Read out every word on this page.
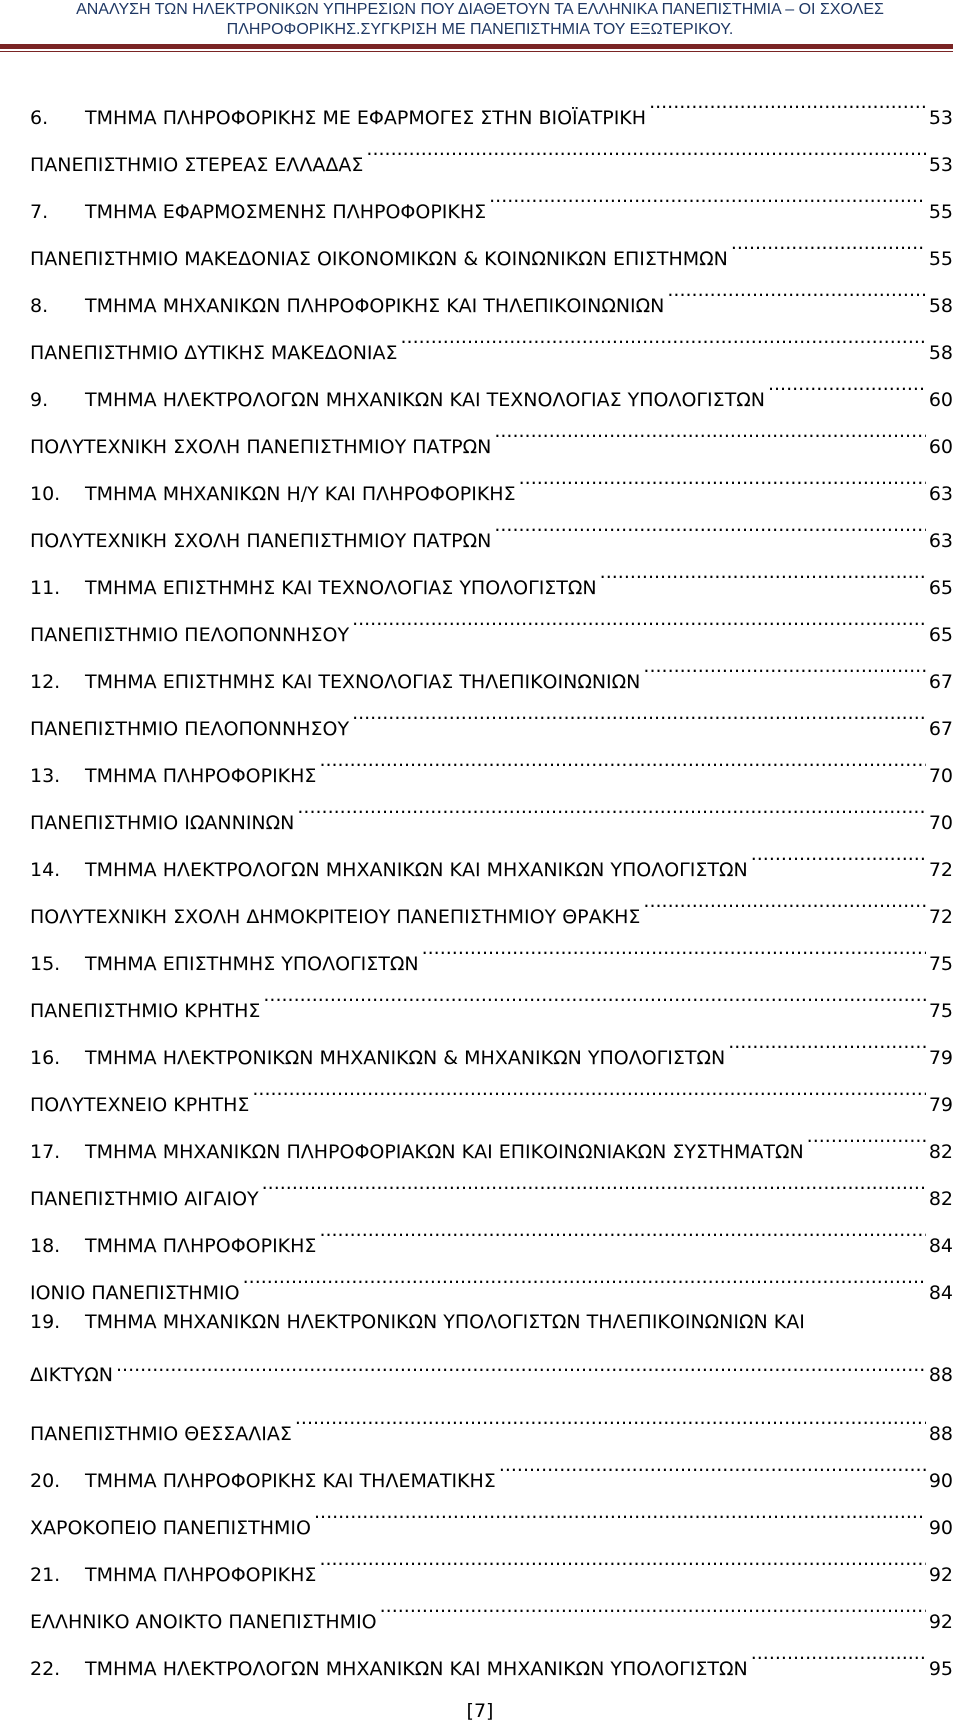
ΑΝΑΛΥΣΗ ΤΩΝ ΗΛΕΚΤΡΟΝΙΚΩΝ ΥΠΗΡΕΣΙΩΝ ΠΟΥ ΔΙΑΘΕΤΟΥΝ ΤΑ ΕΛΛΗΝΙΚΑ ΠΑΝΕΠΙΣΤΗΜΙΑ – ΟΙ ΣΧΟΛΕΣ
ΠΛΗΡΟΦΟΡΙΚΗΣ.ΣΥΓΚΡΙΣΗ ΜΕ ΠΑΝΕΠΙΣΤΗΜΙΑ ΤΟΥ ΕΞΩΤΕΡΙΚΟΥ.
6.	ΤΜΗΜΑ ΠΛΗΡΟΦΟΡΙΚΗΣ ΜΕ ΕΦΑΡΜΟΓΕΣ ΣΤΗΝ ΒΙΟΪΑΤΡΙΚΗ .....	53
ΠΑΝΕΠΙΣΤΗΜΙΟ ΣΤΕΡΕΑΣ ΕΛΛΑΔΑΣ .....	53
7.	ΤΜΗΜΑ ΕΦΑΡΜΟΣΜΕΝΗΣ ΠΛΗΡΟΦΟΡΙΚΗΣ .....	55
ΠΑΝΕΠΙΣΤΗΜΙΟ ΜΑΚΕΔΟΝΙΑΣ ΟΙΚΟΝΟΜΙΚΩΝ & ΚΟΙΝΩΝΙΚΩΝ ΕΠΙΣΤΗΜΩΝ .....	55
8.	ΤΜΗΜΑ ΜΗΧΑΝΙΚΩΝ ΠΛΗΡΟΦΟΡΙΚΗΣ ΚΑΙ ΤΗΛΕΠΙΚΟΙΝΩΝΙΩΝ .....	58
ΠΑΝΕΠΙΣΤΗΜΙΟ ΔΥΤΙΚΗΣ ΜΑΚΕΔΟΝΙΑΣ .....	58
9.	ΤΜΗΜΑ ΗΛΕΚΤΡΟΛΟΓΩΝ ΜΗΧΑΝΙΚΩΝ ΚΑΙ ΤΕΧΝΟΛΟΓΙΑΣ ΥΠΟΛΟΓΙΣΤΩΝ .....	60
ΠΟΛΥΤΕΧΝΙΚΗ ΣΧΟΛΗ ΠΑΝΕΠΙΣΤΗΜΙΟΥ ΠΑΤΡΩΝ .....	60
10.	ΤΜΗΜΑ ΜΗΧΑΝΙΚΩΝ Η/Υ ΚΑΙ ΠΛΗΡΟΦΟΡΙΚΗΣ .....	63
ΠΟΛΥΤΕΧΝΙΚΗ ΣΧΟΛΗ ΠΑΝΕΠΙΣΤΗΜΙΟΥ ΠΑΤΡΩΝ .....	63
11.	ΤΜΗΜΑ ΕΠΙΣΤΗΜΗΣ ΚΑΙ ΤΕΧΝΟΛΟΓΙΑΣ ΥΠΟΛΟΓΙΣΤΩΝ .....	65
ΠΑΝΕΠΙΣΤΗΜΙΟ ΠΕΛΟΠΟΝΝΗΣΟΥ .....	65
12.	ΤΜΗΜΑ ΕΠΙΣΤΗΜΗΣ ΚΑΙ ΤΕΧΝΟΛΟΓΙΑΣ ΤΗΛΕΠΙΚΟΙΝΩΝΙΩΝ .....	67
ΠΑΝΕΠΙΣΤΗΜΙΟ ΠΕΛΟΠΟΝΝΗΣΟΥ .....	67
13.	ΤΜΗΜΑ ΠΛΗΡΟΦΟΡΙΚΗΣ .....	70
ΠΑΝΕΠΙΣΤΗΜΙΟ ΙΩΑΝΝΙΝΩΝ .....	70
14.	ΤΜΗΜΑ ΗΛΕΚΤΡΟΛΟΓΩΝ ΜΗΧΑΝΙΚΩΝ ΚΑΙ ΜΗΧΑΝΙΚΩΝ ΥΠΟΛΟΓΙΣΤΩΝ .....	72
ΠΟΛΥΤΕΧΝΙΚΗ ΣΧΟΛΗ ΔΗΜΟΚΡΙΤΕΙΟΥ ΠΑΝΕΠΙΣΤΗΜΙΟΥ ΘΡΑΚΗΣ .....	72
15.	ΤΜΗΜΑ ΕΠΙΣΤΗΜΗΣ ΥΠΟΛΟΓΙΣΤΩΝ .....	75
ΠΑΝΕΠΙΣΤΗΜΙΟ ΚΡΗΤΗΣ .....	75
16.	ΤΜΗΜΑ ΗΛΕΚΤΡΟΝΙΚΩΝ ΜΗΧΑΝΙΚΩΝ & ΜΗΧΑΝΙΚΩΝ ΥΠΟΛΟΓΙΣΤΩΝ .....	79
ΠΟΛΥΤΕΧΝΕΙΟ ΚΡΗΤΗΣ .....	79
17.	ΤΜΗΜΑ ΜΗΧΑΝΙΚΩΝ ΠΛΗΡΟΦΟΡΙΑΚΩΝ ΚΑΙ ΕΠΙΚΟΙΝΩΝΙΑΚΩΝ ΣΥΣΤΗΜΑΤΩΝ .....	82
ΠΑΝΕΠΙΣΤΗΜΙΟ ΑΙΓΑΙΟΥ .....	82
18.	ΤΜΗΜΑ ΠΛΗΡΟΦΟΡΙΚΗΣ .....	84
ΙΟΝΙΟ ΠΑΝΕΠΙΣΤΗΜΙΟ .....	84
19.	ΤΜΗΜΑ ΜΗΧΑΝΙΚΩΝ ΗΛΕΚΤΡΟΝΙΚΩΝ ΥΠΟΛΟΓΙΣΤΩΝ ΤΗΛΕΠΙΚΟΙΝΩΝΙΩΝ ΚΑΙ
ΔΙΚΤΥΩΝ .....	88
ΠΑΝΕΠΙΣΤΗΜΙΟ ΘΕΣΣΑΛΙΑΣ .....	88
20.	ΤΜΗΜΑ ΠΛΗΡΟΦΟΡΙΚΗΣ ΚΑΙ ΤΗΛΕΜΑΤΙΚΗΣ .....	90
ΧΑΡΟΚΟΠΕΙΟ ΠΑΝΕΠΙΣΤΗΜΙΟ .....	90
21.	ΤΜΗΜΑ ΠΛΗΡΟΦΟΡΙΚΗΣ .....	92
ΕΛΛΗΝΙΚΟ ΑΝΟΙΚΤΟ ΠΑΝΕΠΙΣΤΗΜΙΟ .....	92
22.	ΤΜΗΜΑ ΗΛΕΚΤΡΟΛΟΓΩΝ ΜΗΧΑΝΙΚΩΝ ΚΑΙ ΜΗΧΑΝΙΚΩΝ ΥΠΟΛΟΓΙΣΤΩΝ .....	95
[7]
